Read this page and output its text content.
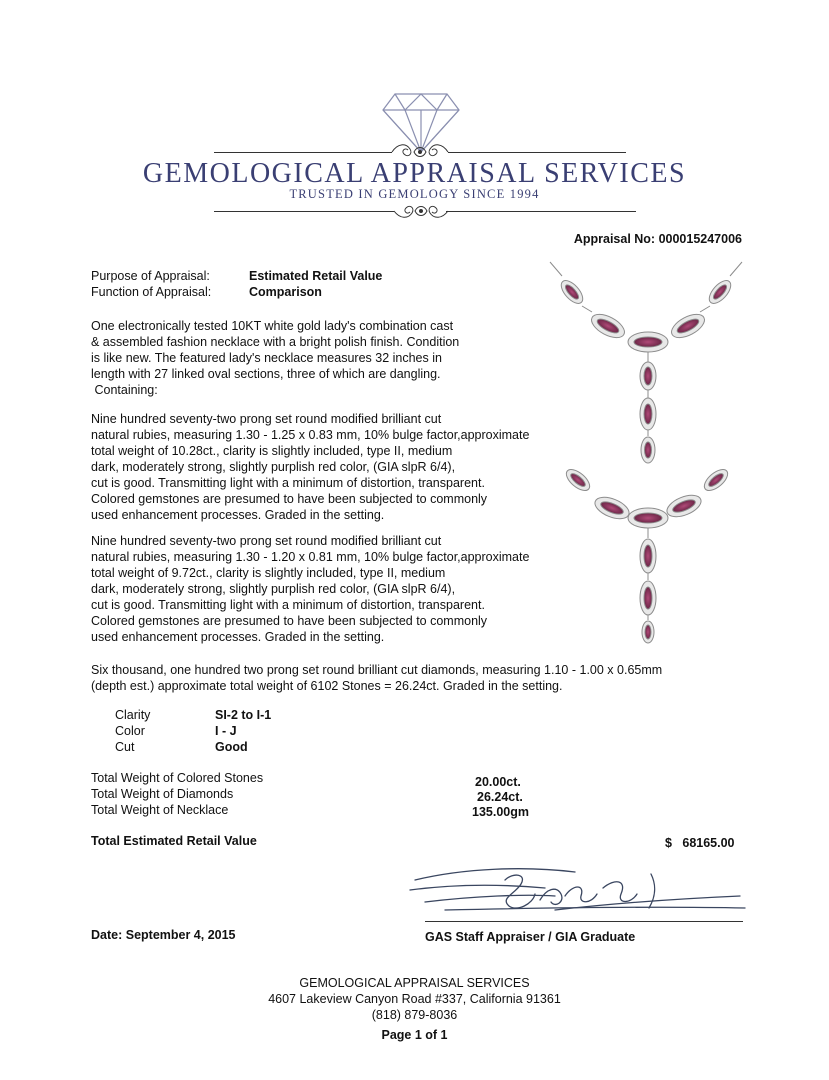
GEMOLOGICAL APPRAISAL SERVICES
TRUSTED IN GEMOLOGY SINCE 1994
Appraisal No: 000015247006
Purpose of Appraisal:	Estimated Retail Value
Function of Appraisal:	Comparison
One electronically tested 10KT white gold lady's combination cast
& assembled fashion necklace with a bright polish finish. Condition
is like new. The featured lady's necklace measures 32 inches in
length with 27 linked oval sections, three of which are dangling.
Containing:
Nine hundred seventy-two prong set round modified brilliant cut
natural rubies, measuring 1.30 - 1.25 x 0.83 mm, 10% bulge factor,approximate
total weight of 10.28ct., clarity is slightly included, type II, medium
dark, moderately strong, slightly purplish red color, (GIA slpR 6/4),
cut is good. Transmitting light with a minimum of distortion, transparent.
Colored gemstones are presumed to have been subjected to commonly
used enhancement processes. Graded in the setting.
Nine hundred seventy-two prong set round modified brilliant cut
natural rubies, measuring 1.30 - 1.20 x 0.81 mm, 10% bulge factor,approximate
total weight of 9.72ct., clarity is slightly included, type II, medium
dark, moderately strong, slightly purplish red color, (GIA slpR 6/4),
cut is good. Transmitting light with a minimum of distortion, transparent.
Colored gemstones are presumed to have been subjected to commonly
used enhancement processes. Graded in the setting.
Six thousand, one hundred two prong set round brilliant cut diamonds, measuring 1.10 - 1.00 x 0.65mm
(depth est.) approximate total weight of 6102 Stones = 26.24ct. Graded in the setting.
Clarity	SI-2 to I-1
Color	I - J
Cut	Good
Total Weight of Colored Stones	20.00ct.
Total Weight of Diamonds	26.24ct.
Total Weight of Necklace	135.00gm
Total Estimated Retail Value	$   68165.00
Date: September 4, 2015	GAS Staff Appraiser / GIA Graduate
GEMOLOGICAL APPRAISAL SERVICES
4607 Lakeview Canyon Road #337, California 91361
(818) 879-8036
Page 1 of 1
